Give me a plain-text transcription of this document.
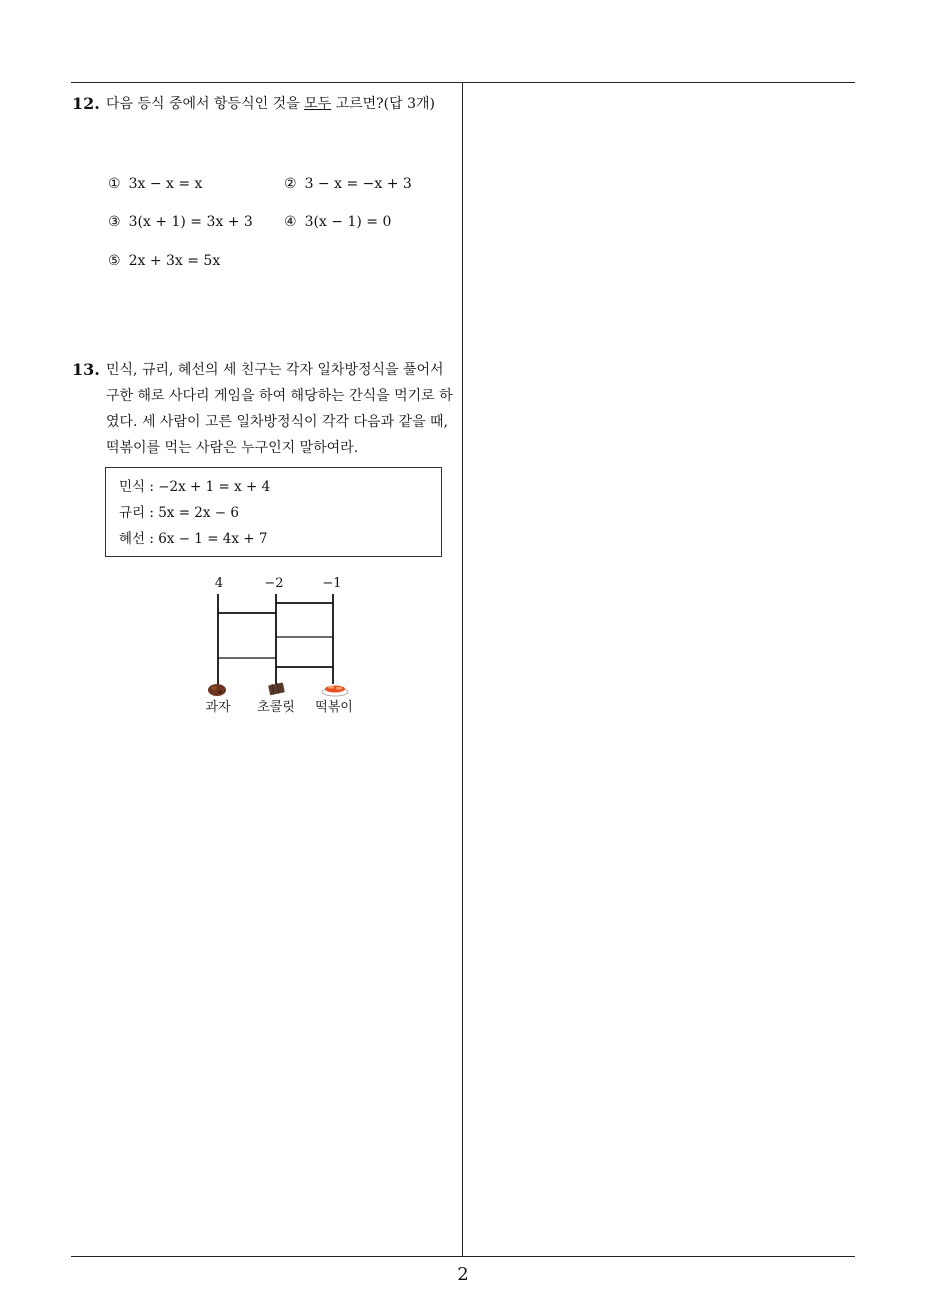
12. 다음 등식 중에서 항등식인 것을 모두 고르면?(답 3개)
① 3x − x = x	② 3 − x = −x + 3
③ 3(x + 1) = 3x + 3 ④ 3(x − 1) = 0
⑤ 2x + 3x = 5x
13. 민식, 규리, 혜선의 세 친구는 각자 일차방정식을 풀어서 구한 해로 사다리 게임을 하여 해당하는 간식을 먹기로 하였다. 세 사람이 고른 일차방정식이 각각 다음과 같을 때, 떡볶이를 먹는 사람은 누구인지 말하여라.
민식 : −2x + 1 = x + 4
규리 : 5x = 2x − 6
혜선 : 6x − 1 = 4x + 7
4	−2	−1
과자 초콜릿 떡볶이
2
